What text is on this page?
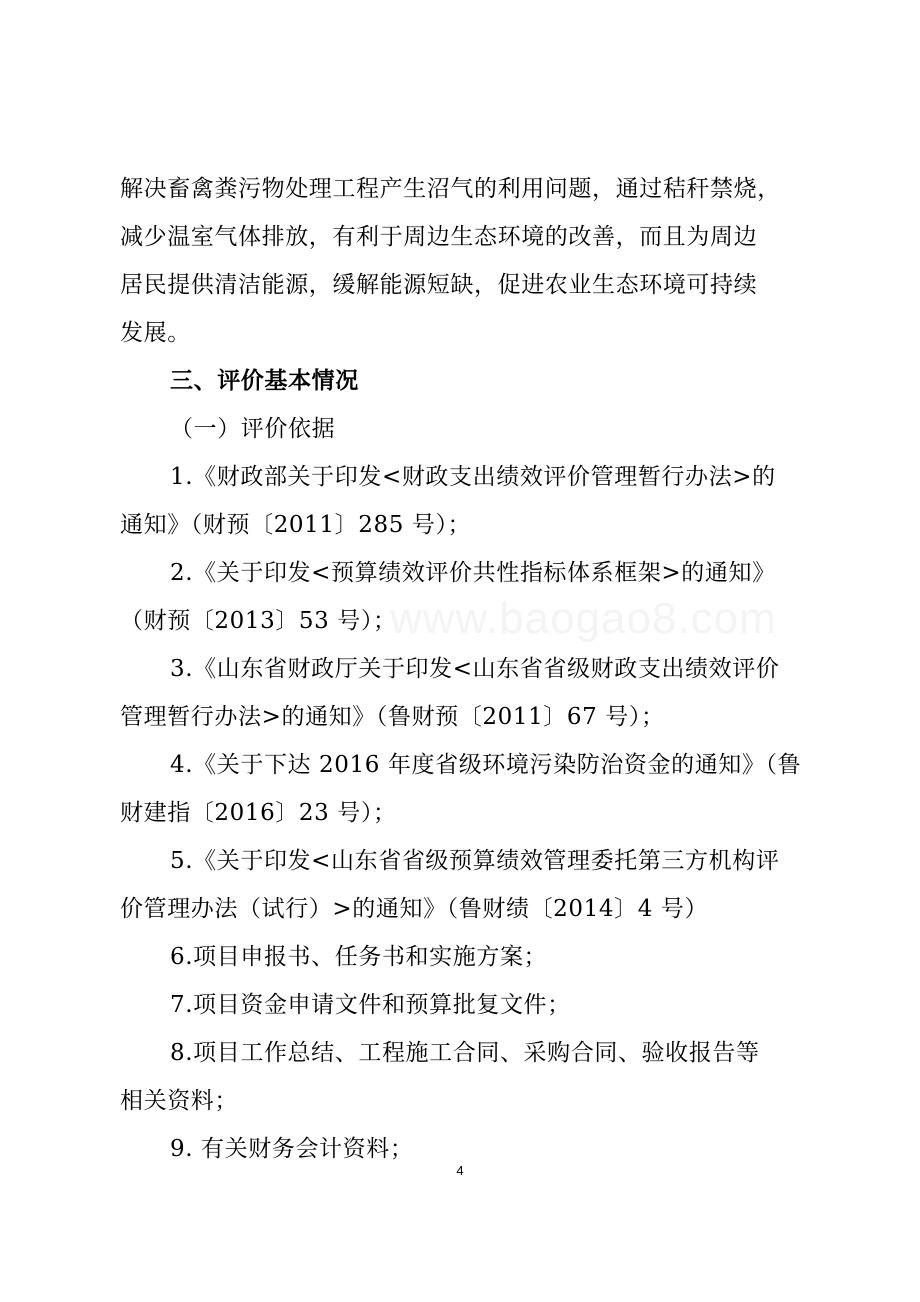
www.baogao8.com
解决畜禽粪污物处理工程产生沼气的利用问题，通过秸秆禁烧，
减少温室气体排放，有利于周边生态环境的改善，而且为周边
居民提供清洁能源，缓解能源短缺，促进农业生态环境可持续
发展。
三、评价基本情况
（一）评价依据
1.《财政部关于印发<财政支出绩效评价管理暂行办法>的
通知》（财预〔2011〕285 号）；
2.《关于印发<预算绩效评价共性指标体系框架>的通知》
（财预〔2013〕53 号）；
3.《山东省财政厅关于印发<山东省省级财政支出绩效评价
管理暂行办法>的通知》（鲁财预〔2011〕67 号）；
4.《关于下达 2016 年度省级环境污染防治资金的通知》（鲁
财建指〔2016〕23 号）；
5.《关于印发<山东省省级预算绩效管理委托第三方机构评
价管理办法（试行）>的通知》（鲁财绩〔2014〕4 号）
6.项目申报书、任务书和实施方案；
7.项目资金申请文件和预算批复文件；
8.项目工作总结、工程施工合同、采购合同、验收报告等
相关资料；
9. 有关财务会计资料；
4
